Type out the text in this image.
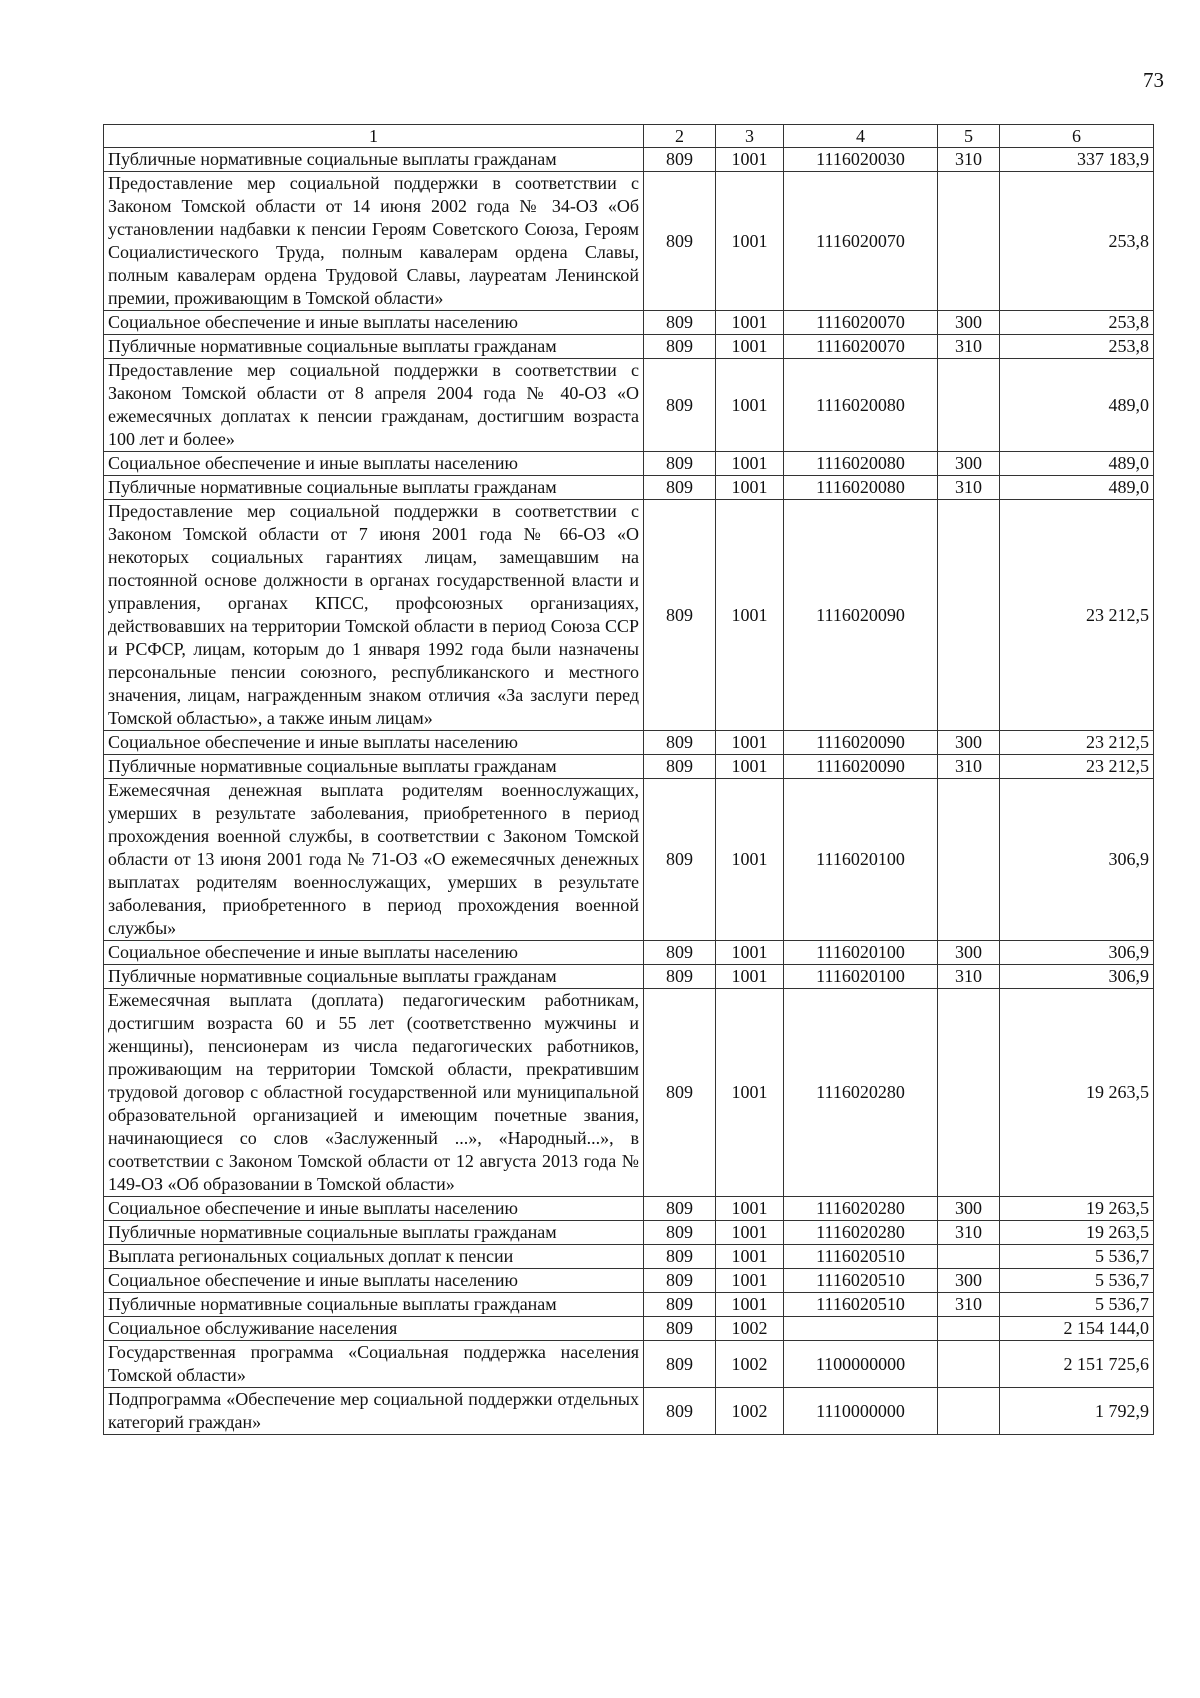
73
1	2	3	4	5	6
Публичные нормативные социальные выплаты гражданам	809	1001	1116020030	310	337 183,9
Предоставление мер социальной поддержки в соответствии с Законом Томской области от 14 июня 2002 года № 34-ОЗ «Об установлении надбавки к пенсии Героям Советского Союза, Героям Социалистического Труда, полным кавалерам ордена Славы, полным кавалерам ордена Трудовой Славы, лауреатам Ленинской премии, проживающим в Томской области»	809	1001	1116020070		253,8
Социальное обеспечение и иные выплаты населению	809	1001	1116020070	300	253,8
Публичные нормативные социальные выплаты гражданам	809	1001	1116020070	310	253,8
Предоставление мер социальной поддержки в соответствии с Законом Томской области от 8 апреля 2004 года № 40-ОЗ «О ежемесячных доплатах к пенсии гражданам, достигшим возраста 100 лет и более»	809	1001	1116020080		489,0
Социальное обеспечение и иные выплаты населению	809	1001	1116020080	300	489,0
Публичные нормативные социальные выплаты гражданам	809	1001	1116020080	310	489,0
Предоставление мер социальной поддержки в соответствии с Законом Томской области от 7 июня 2001 года № 66-ОЗ «О некоторых социальных гарантиях лицам, замещавшим на постоянной основе должности в органах государственной власти и управления, органах КПСС, профсоюзных организациях, действовавших на территории Томской области в период Союза ССР и РСФСР, лицам, которым до 1 января 1992 года были назначены персональные пенсии союзного, республиканского и местного значения, лицам, награжденным знаком отличия «За заслуги перед Томской областью», а также иным лицам»	809	1001	1116020090		23 212,5
Социальное обеспечение и иные выплаты населению	809	1001	1116020090	300	23 212,5
Публичные нормативные социальные выплаты гражданам	809	1001	1116020090	310	23 212,5
Ежемесячная денежная выплата родителям военнослужащих, умерших в результате заболевания, приобретенного в период прохождения военной службы, в соответствии с Законом Томской области от 13 июня 2001 года № 71-ОЗ «О ежемесячных денежных выплатах родителям военнослужащих, умерших в результате заболевания, приобретенного в период прохождения военной службы»	809	1001	1116020100		306,9
Социальное обеспечение и иные выплаты населению	809	1001	1116020100	300	306,9
Публичные нормативные социальные выплаты гражданам	809	1001	1116020100	310	306,9
Ежемесячная выплата (доплата) педагогическим работникам, достигшим возраста 60 и 55 лет (соответственно мужчины и женщины), пенсионерам из числа педагогических работников, проживающим на территории Томской области, прекратившим трудовой договор с областной государственной или муниципальной образовательной организацией и имеющим почетные звания, начинающиеся со слов «Заслуженный ...», «Народный...», в соответствии с Законом Томской области от 12 августа 2013 года № 149-ОЗ «Об образовании в Томской области»	809	1001	1116020280		19 263,5
Социальное обеспечение и иные выплаты населению	809	1001	1116020280	300	19 263,5
Публичные нормативные социальные выплаты гражданам	809	1001	1116020280	310	19 263,5
Выплата региональных социальных доплат к пенсии	809	1001	1116020510		5 536,7
Социальное обеспечение и иные выплаты населению	809	1001	1116020510	300	5 536,7
Публичные нормативные социальные выплаты гражданам	809	1001	1116020510	310	5 536,7
Социальное обслуживание населения	809	1002			2 154 144,0
Государственная программа «Социальная поддержка населения Томской области»	809	1002	1100000000		2 151 725,6
Подпрограмма «Обеспечение мер социальной поддержки отдельных категорий граждан»	809	1002	1110000000		1 792,9
